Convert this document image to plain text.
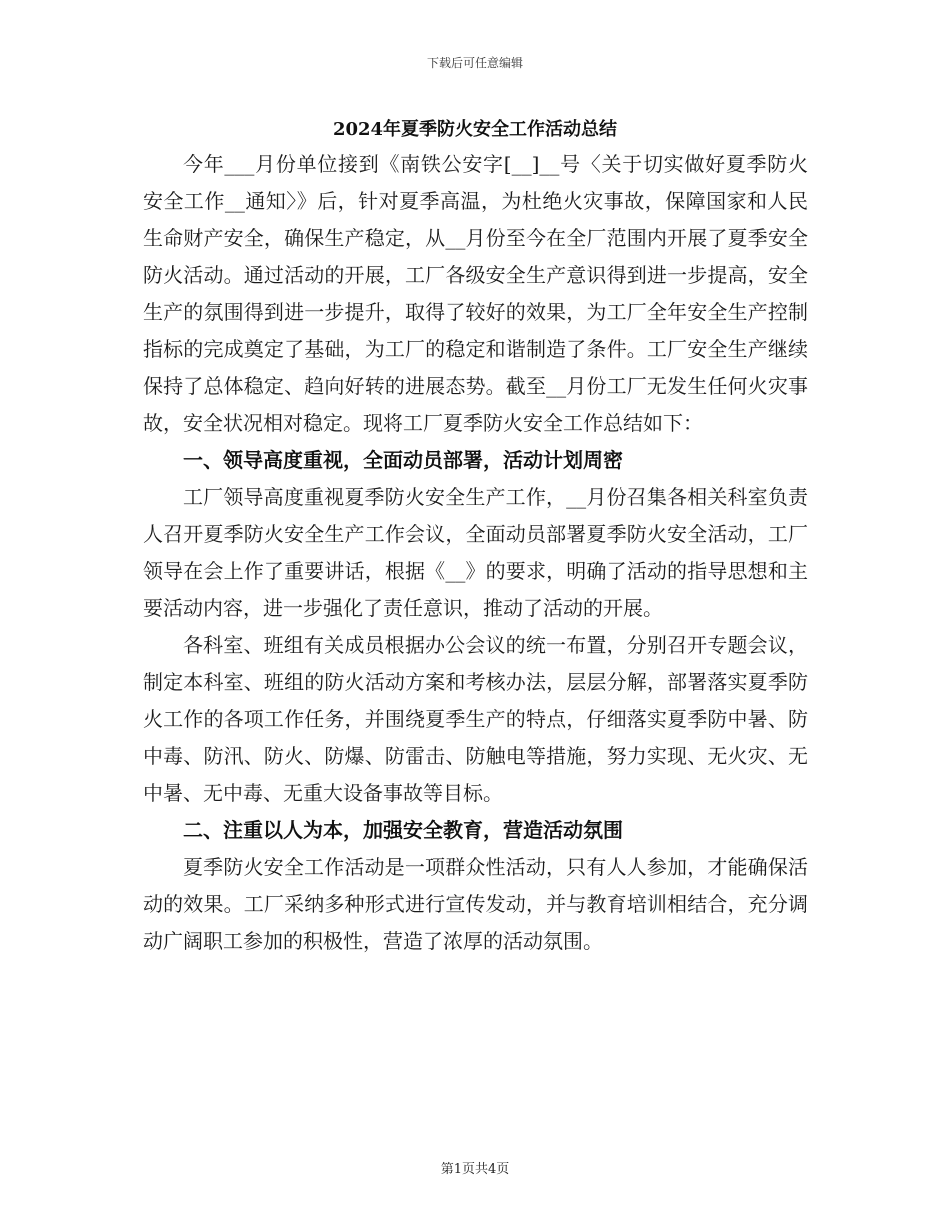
下载后可任意编辑
2024年夏季防火安全工作活动总结

今年___月份单位接到《南铁公安字[__]__号〈关于切实做好夏季防火安全工作__通知〉》后，针对夏季高温，为杜绝火灾事故，保障国家和人民生命财产安全，确保生产稳定，从__月份至今在全厂范围内开展了夏季安全防火活动。通过活动的开展，工厂各级安全生产意识得到进一步提高，安全生产的氛围得到进一步提升，取得了较好的效果，为工厂全年安全生产控制指标的完成奠定了基础，为工厂的稳定和谐制造了条件。工厂安全生产继续保持了总体稳定、趋向好转的进展态势。截至__月份工厂无发生任何火灾事故，安全状况相对稳定。现将工厂夏季防火安全工作总结如下：

一、领导高度重视，全面动员部署，活动计划周密

工厂领导高度重视夏季防火安全生产工作，__月份召集各相关科室负责人召开夏季防火安全生产工作会议，全面动员部署夏季防火安全活动，工厂领导在会上作了重要讲话，根据《__》的要求，明确了活动的指导思想和主要活动内容，进一步强化了责任意识，推动了活动的开展。

各科室、班组有关成员根据办公会议的统一布置，分别召开专题会议，制定本科室、班组的防火活动方案和考核办法，层层分解，部署落实夏季防火工作的各项工作任务，并围绕夏季生产的特点，仔细落实夏季防中暑、防中毒、防汛、防火、防爆、防雷击、防触电等措施，努力实现、无火灾、无中暑、无中毒、无重大设备事故等目标。

二、注重以人为本，加强安全教育，营造活动氛围

夏季防火安全工作活动是一项群众性活动，只有人人参加，才能确保活动的效果。工厂采纳多种形式进行宣传发动，并与教育培训相结合，充分调动广阔职工参加的积极性，营造了浓厚的活动氛围。

第1页共4页
